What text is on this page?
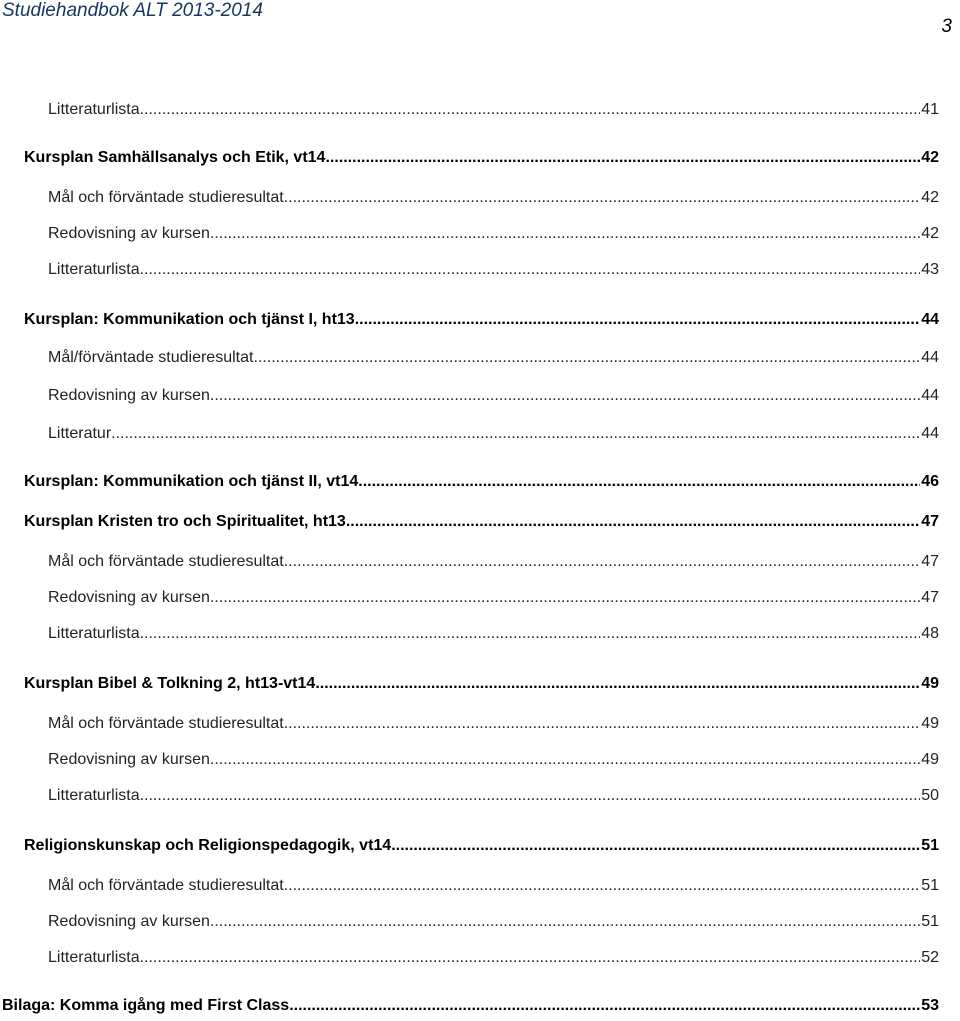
Studiehandbok ALT 2013-2014
3
Litteraturlista .....	41
Kursplan Samhällsanalys och Etik, vt14 .....	42
Mål och förväntade studieresultat .....	42
Redovisning av kursen .....	42
Litteraturlista .....	43
Kursplan: Kommunikation och tjänst I, ht13 .....	44
Mål/förväntade studieresultat .....	44
Redovisning av kursen .....	44
Litteratur .....	44
Kursplan: Kommunikation och tjänst II, vt14 .....	46
Kursplan Kristen tro och Spiritualitet, ht13 .....	47
Mål och förväntade studieresultat .....	47
Redovisning av kursen .....	47
Litteraturlista .....	48
Kursplan Bibel & Tolkning 2, ht13-vt14 .....	49
Mål och förväntade studieresultat .....	49
Redovisning av kursen .....	49
Litteraturlista .....	50
Religionskunskap och Religionspedagogik, vt14 .....	51
Mål och förväntade studieresultat .....	51
Redovisning av kursen .....	51
Litteraturlista .....	52
Bilaga: Komma igång med First Class .....	53
